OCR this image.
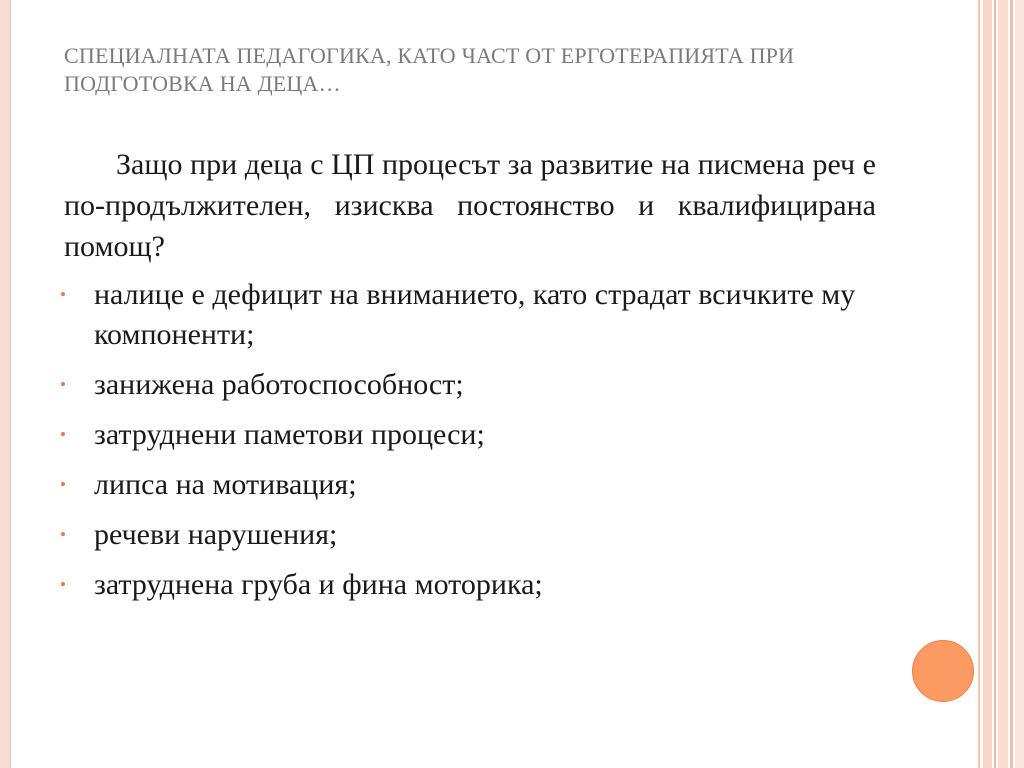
СПЕЦИАЛНАТА ПЕДАГОГИКА, КАТО ЧАСТ ОТ ЕРГОТЕРАПИЯТА ПРИ ПОДГОТОВКА НА ДЕЦА…

Защо при деца с ЦП процесът за развитие на писмена реч е по-продължителен, изисква постоянство и квалифицирана помощ?

• налице е дефицит на вниманието, като страдат всичките му компоненти;
• занижена работоспособност;
• затруднени паметови процеси;
• липса на мотивация;
• речеви нарушения;
• затруднена груба и фина моторика;
